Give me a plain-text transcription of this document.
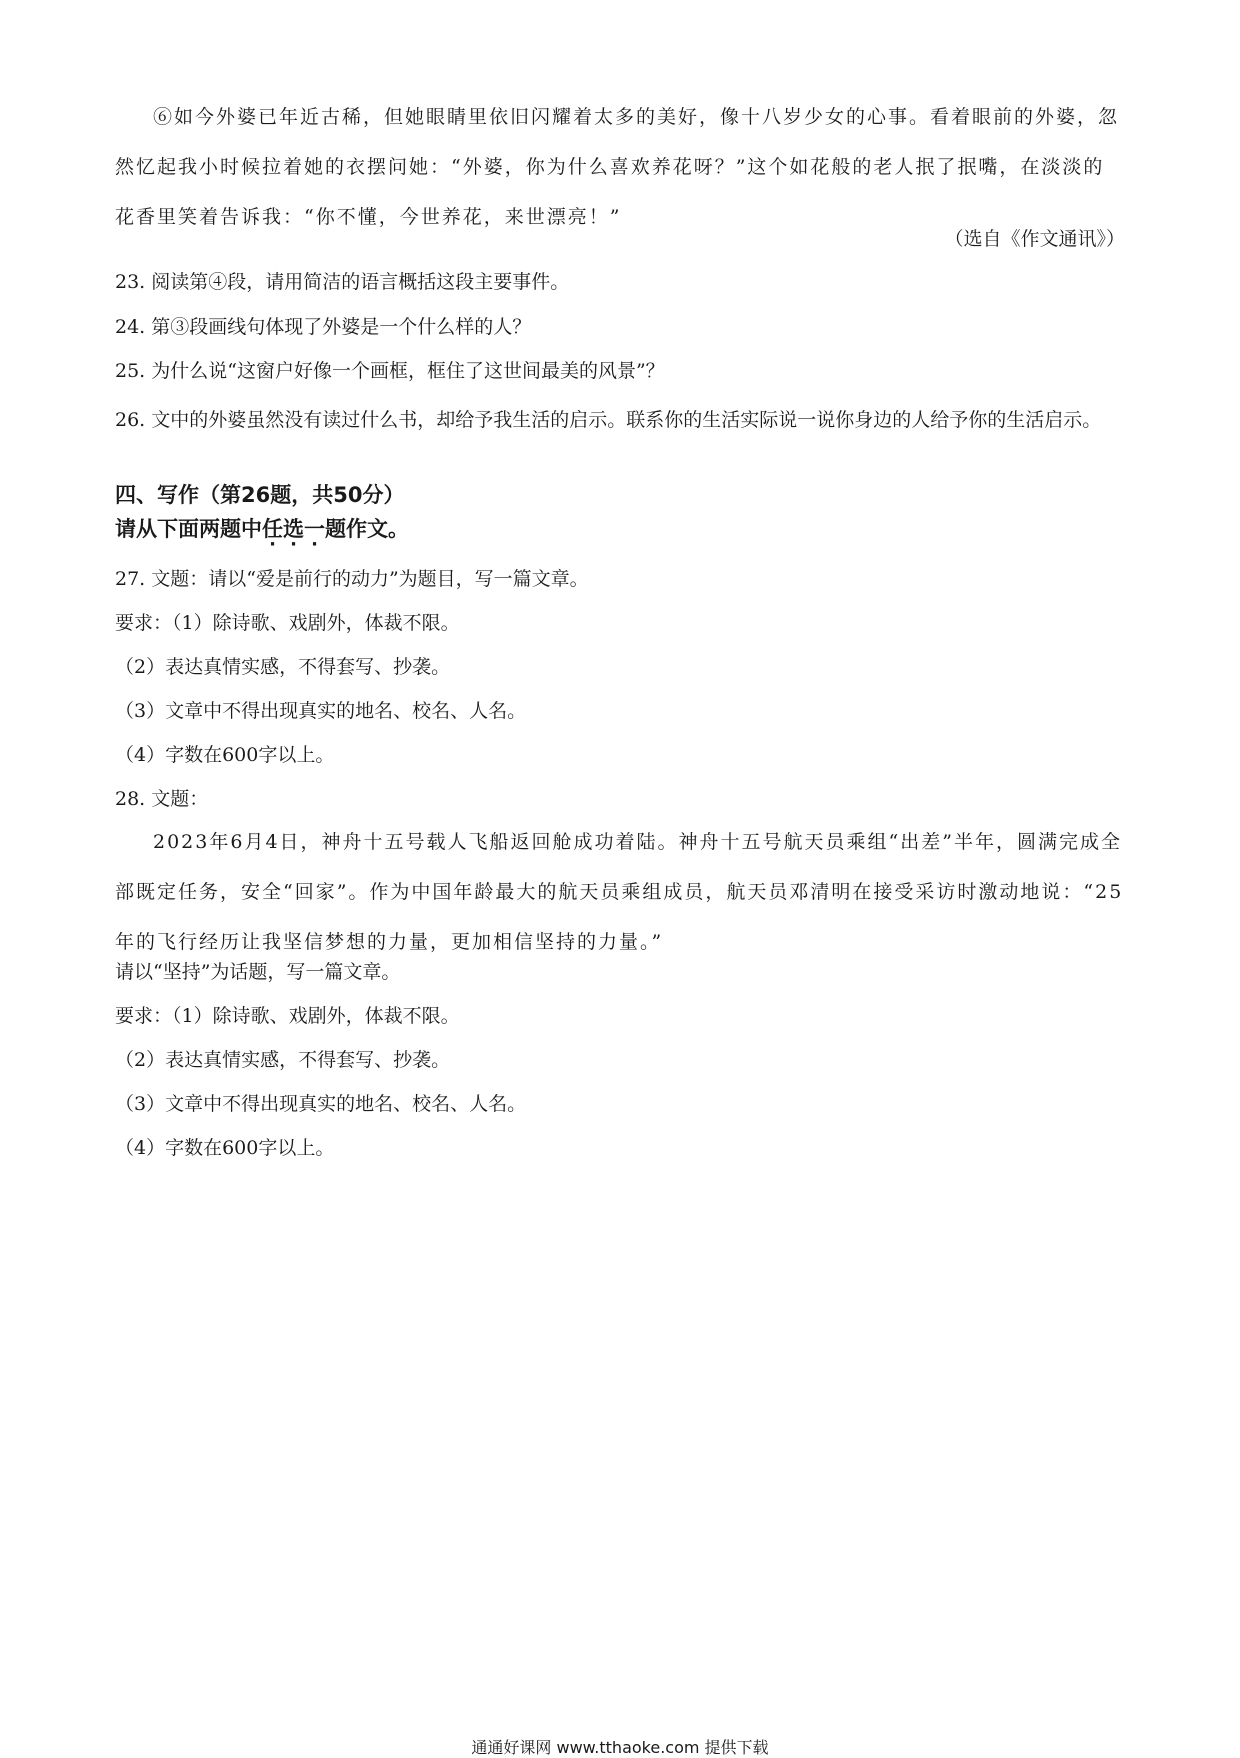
⑥如今外婆已年近古稀，但她眼睛里依旧闪耀着太多的美好，像十八岁少女的心事。看着眼前的外婆，忽然忆起我小时候拉着她的衣摆问她：“外婆，你为什么喜欢养花呀？”这个如花般的老人抿了抿嘴，在淡淡的花香里笑着告诉我：“你不懂，今世养花，来世漂亮！”

（选自《作文通讯》）

23. 阅读第④段，请用简洁的语言概括这段主要事件。

24. 第③段画线句体现了外婆是一个什么样的人？

25. 为什么说“这窗户好像一个画框，框住了这世间最美的风景”？

26. 文中的外婆虽然没有读过什么书，却给予我生活的启示。联系你的生活实际说一说你身边的人给予你的生活启示。

四、写作（第26题，共50分）

请从下面两题中任选一题作文。

27. 文题：请以“爱是前行的动力”为题目，写一篇文章。

要求：（1）除诗歌、戏剧外，体裁不限。

（2）表达真情实感，不得套写、抄袭。

（3）文章中不得出现真实的地名、校名、人名。

（4）字数在600字以上。

28. 文题：

2023年6月4日，神舟十五号载人飞船返回舱成功着陆。神舟十五号航天员乘组“出差”半年，圆满完成全部既定任务，安全“回家”。作为中国年龄最大的航天员乘组成员，航天员邓清明在接受采访时激动地说：“25年的飞行经历让我坚信梦想的力量，更加相信坚持的力量。”

请以“坚持”为话题，写一篇文章。

要求：（1）除诗歌、戏剧外，体裁不限。

（2）表达真情实感，不得套写、抄袭。

（3）文章中不得出现真实的地名、校名、人名。

（4）字数在600字以上。

通通好课网 www.tthaoke.com 提供下载
